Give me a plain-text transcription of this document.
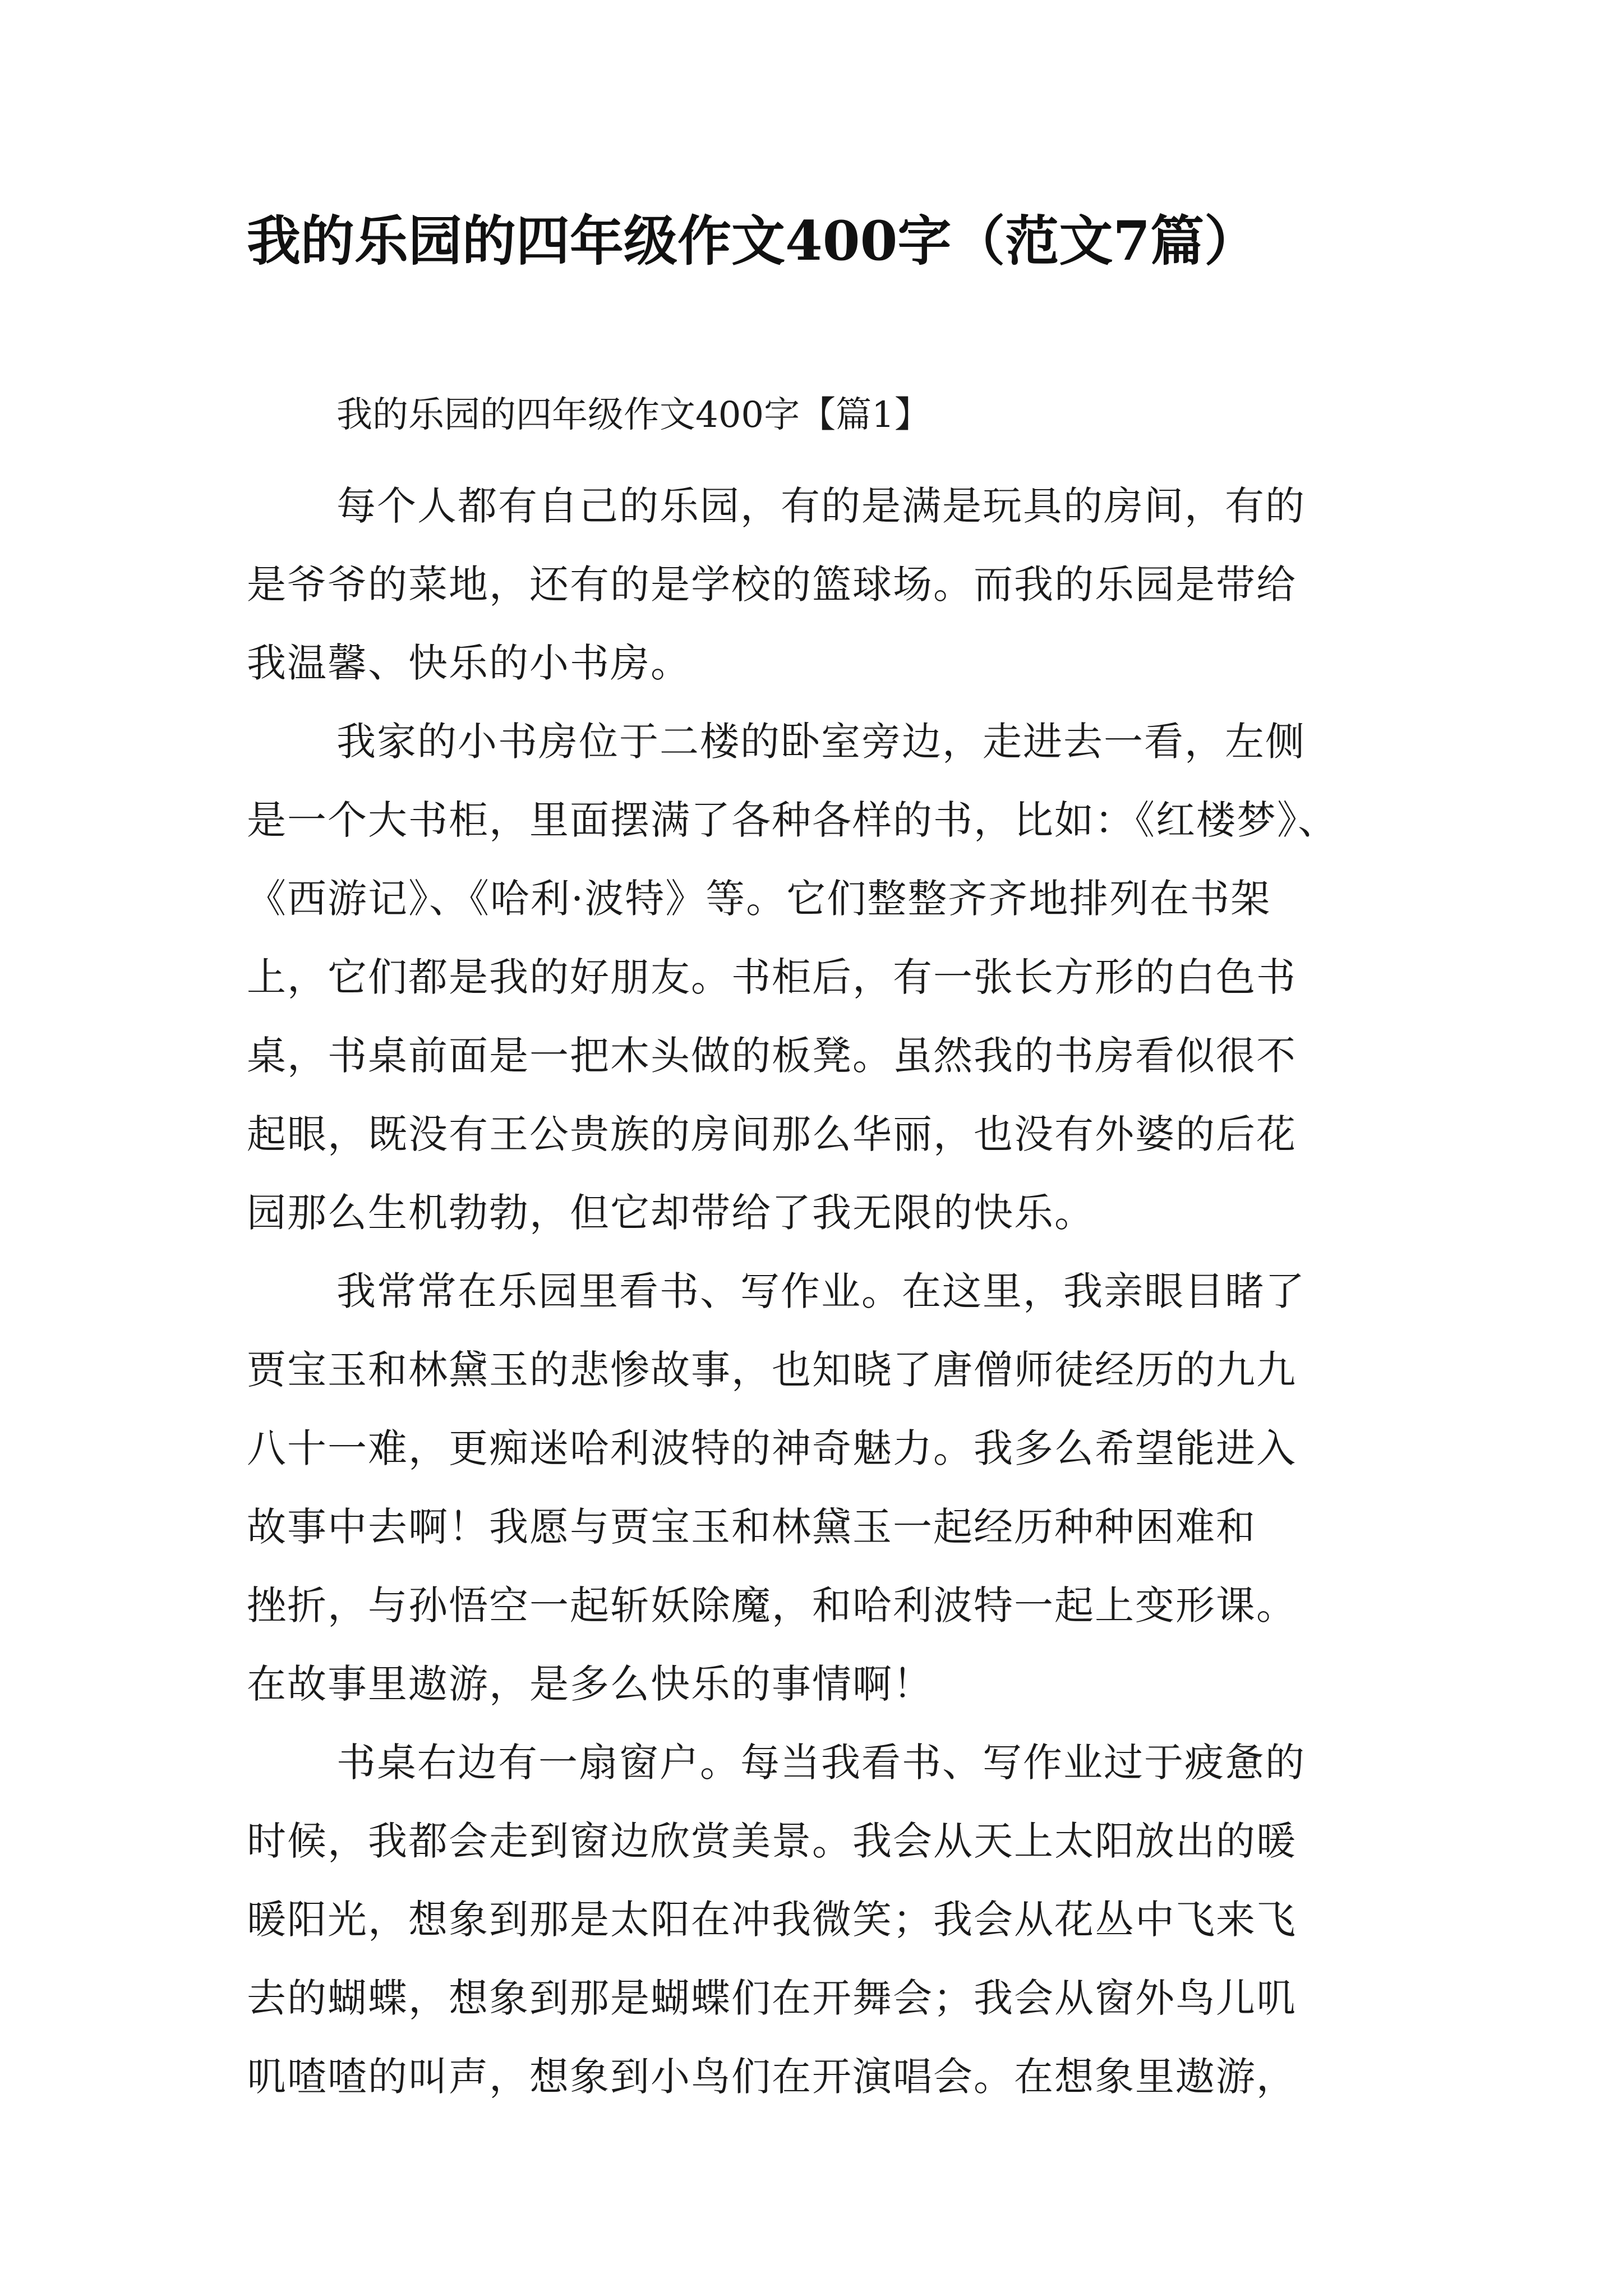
我的乐园的四年级作文400字（范文7篇）
我的乐园的四年级作文400字【篇1】
每个人都有自己的乐园，有的是满是玩具的房间，有的
是爷爷的菜地，还有的是学校的篮球场。而我的乐园是带给
我温馨、快乐的小书房。
我家的小书房位于二楼的卧室旁边，走进去一看，左侧
是一个大书柜，里面摆满了各种各样的书，比如：《红楼梦》、
《西游记》、《哈利·波特》等。它们整整齐齐地排列在书架
上，它们都是我的好朋友。书柜后，有一张长方形的白色书
桌，书桌前面是一把木头做的板凳。虽然我的书房看似很不
起眼，既没有王公贵族的房间那么华丽，也没有外婆的后花
园那么生机勃勃，但它却带给了我无限的快乐。
我常常在乐园里看书、写作业。在这里，我亲眼目睹了
贾宝玉和林黛玉的悲惨故事，也知晓了唐僧师徒经历的九九
八十一难，更痴迷哈利波特的神奇魅力。我多么希望能进入
故事中去啊！我愿与贾宝玉和林黛玉一起经历种种困难和
挫折，与孙悟空一起斩妖除魔，和哈利波特一起上变形课。
在故事里遨游，是多么快乐的事情啊！
书桌右边有一扇窗户。每当我看书、写作业过于疲惫的
时候，我都会走到窗边欣赏美景。我会从天上太阳放出的暖
暖阳光，想象到那是太阳在冲我微笑；我会从花丛中飞来飞
去的蝴蝶，想象到那是蝴蝶们在开舞会；我会从窗外鸟儿叽
叽喳喳的叫声，想象到小鸟们在开演唱会。在想象里遨游，
